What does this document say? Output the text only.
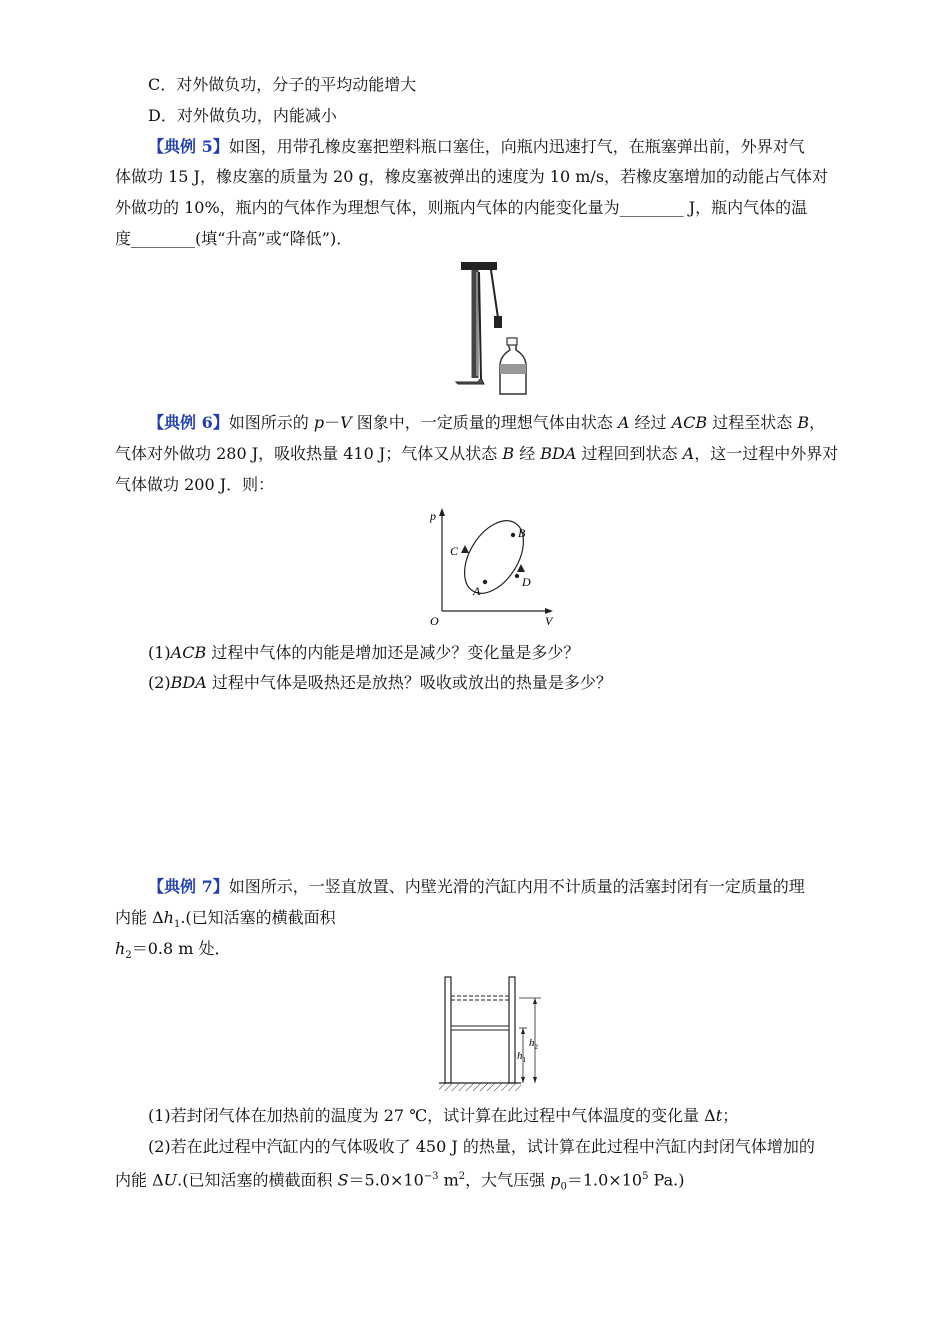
C．对外做负功，分子的平均动能增大
D．对外做负功，内能减小
【典例 5】如图，用带孔橡皮塞把塑料瓶口塞住，向瓶内迅速打气，在瓶塞弹出前，外界对气
体做功 15 J，橡皮塞的质量为 20 g，橡皮塞被弹出的速度为 10 m/s，若橡皮塞增加的动能占气体对
外做功的 10%，瓶内的气体作为理想气体，则瓶内气体的内能变化量为________ J，瓶内气体的温
度________(填“升高”或“降低”)．
【典例 6】如图所示的 p－V 图象中，一定质量的理想气体由状态 A 经过 ACB 过程至状态 B，
气体对外做功 280 J，吸收热量 410 J；气体又从状态 B 经 BDA 过程回到状态 A，这一过程中外界对
气体做功 200 J．则：
p
V
O
B
C
D
A
(1)ACB 过程中气体的内能是增加还是减少？变化量是多少？
(2)BDA 过程中气体是吸热还是放热？吸收或放出的热量是多少？
【典例 7】如图所示，一竖直放置、内壁光滑的汽缸内用不计质量的活塞封闭有一定质量的理
内能 $\Delta h_1$.(已知活塞的横截面积
$h_2=0.8$ m 处．
$h_1$
$h_2$
(1)若封闭气体在加热前的温度为 27 ℃，试计算在此过程中气体温度的变化量 Δt；
(2)若在此过程中汽缸内的气体吸收了 450 J 的热量，试计算在此过程中汽缸内封闭气体增加的
内能 ΔU.(已知活塞的横截面积 $S=5.0\times 10^{-3}$ $m^2$，大气压强 $p_0=1.0\times 10^5$ Pa.)
